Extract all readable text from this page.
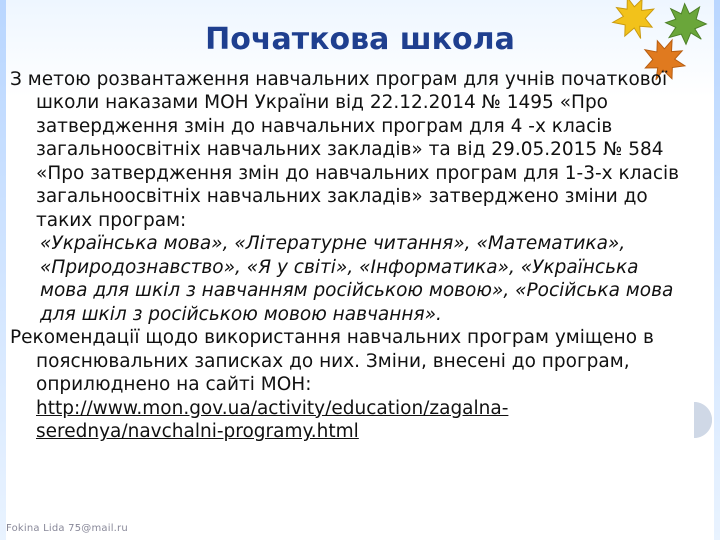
Початкова школа

З метою розвантаження навчальних програм для учнів початкової школи наказами МОН України від 22.12.2014 № 1495 «Про затвердження змін до навчальних програм для 4 -х класів загальноосвітніх навчальних закладів» та від 29.05.2015 № 584 «Про затвердження змін до навчальних програм для 1-3-х класів загальноосвітніх навчальних закладів» затверджено зміни до таких програм:

«Українська мова», «Літературне читання», «Математика», «Природознавство», «Я у світі», «Інформатика», «Українська мова для шкіл з навчанням російською мовою», «Російська мова для шкіл з російською мовою навчання».

Рекомендації щодо використання навчальних програм уміщено в пояснювальних записках до них. Зміни, внесені до програм, оприлюднено на сайті МОН: http://www.mon.gov.ua/activity/education/zagalna-serednya/navchalni-programy.html

Fokina Lida 75@mail.ru
